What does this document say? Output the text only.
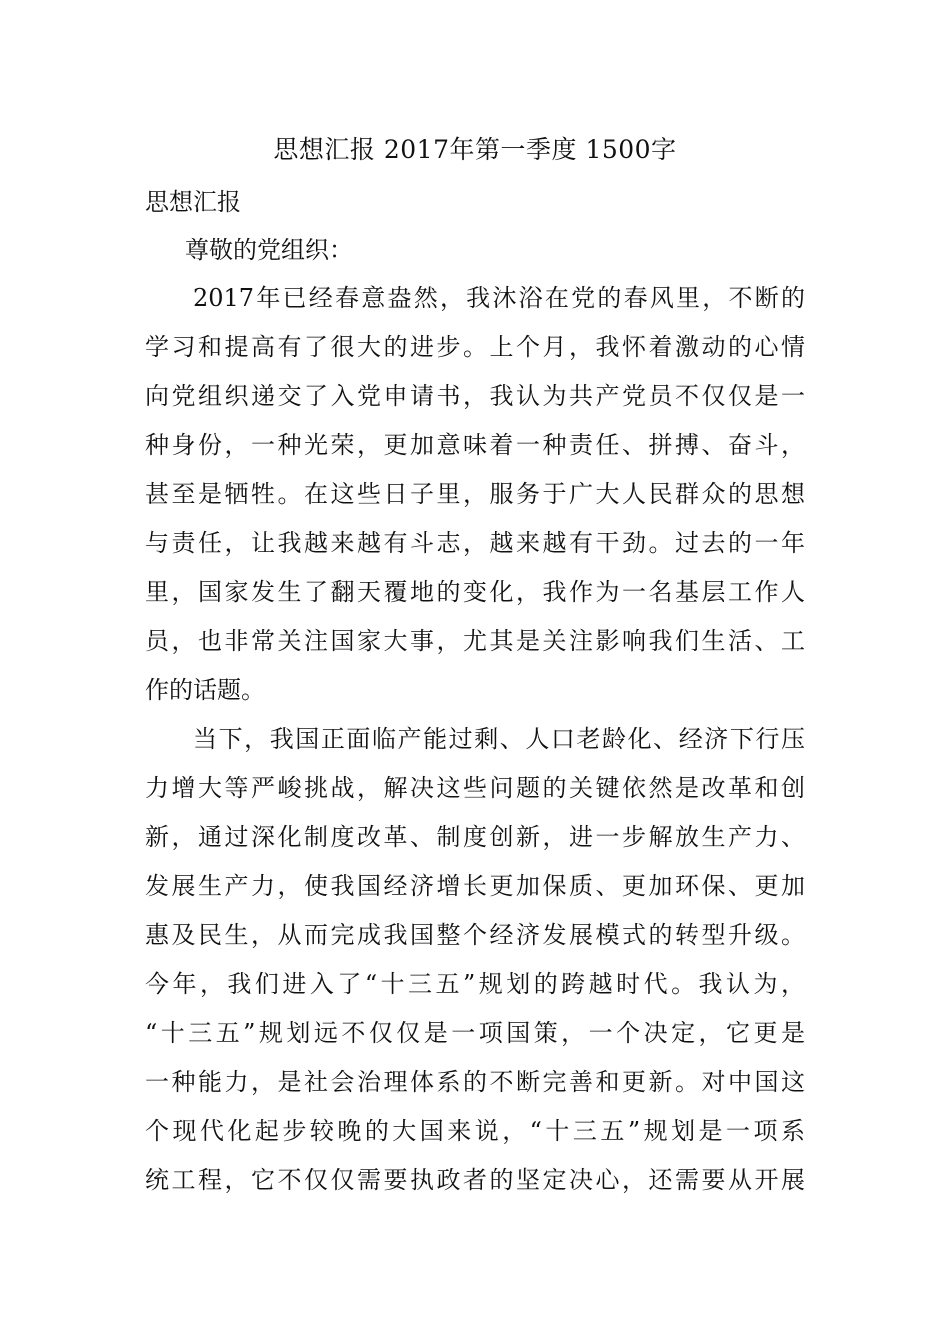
思想汇报 2017年第一季度 1500字
思想汇报
尊敬的党组织：
2017年已经春意盎然，我沐浴在党的春风里，不断的
学习和提高有了很大的进步。上个月，我怀着激动的心情
向党组织递交了入党申请书，我认为共产党员不仅仅是一
种身份，一种光荣，更加意味着一种责任、拼搏、奋斗，
甚至是牺牲。在这些日子里，服务于广大人民群众的思想
与责任，让我越来越有斗志，越来越有干劲。过去的一年
里，国家发生了翻天覆地的变化，我作为一名基层工作人
员，也非常关注国家大事，尤其是关注影响我们生活、工
作的话题。
当下，我国正面临产能过剩、人口老龄化、经济下行压
力增大等严峻挑战，解决这些问题的关键依然是改革和创
新，通过深化制度改革、制度创新，进一步解放生产力、
发展生产力，使我国经济增长更加保质、更加环保、更加
惠及民生，从而完成我国整个经济发展模式的转型升级。
今年，我们进入了“十三五”规划的跨越时代。我认为，
“十三五”规划远不仅仅是一项国策，一个决定，它更是
一种能力，是社会治理体系的不断完善和更新。对中国这
个现代化起步较晚的大国来说，“十三五”规划是一项系
统工程，它不仅仅需要执政者的坚定决心，还需要从开展
